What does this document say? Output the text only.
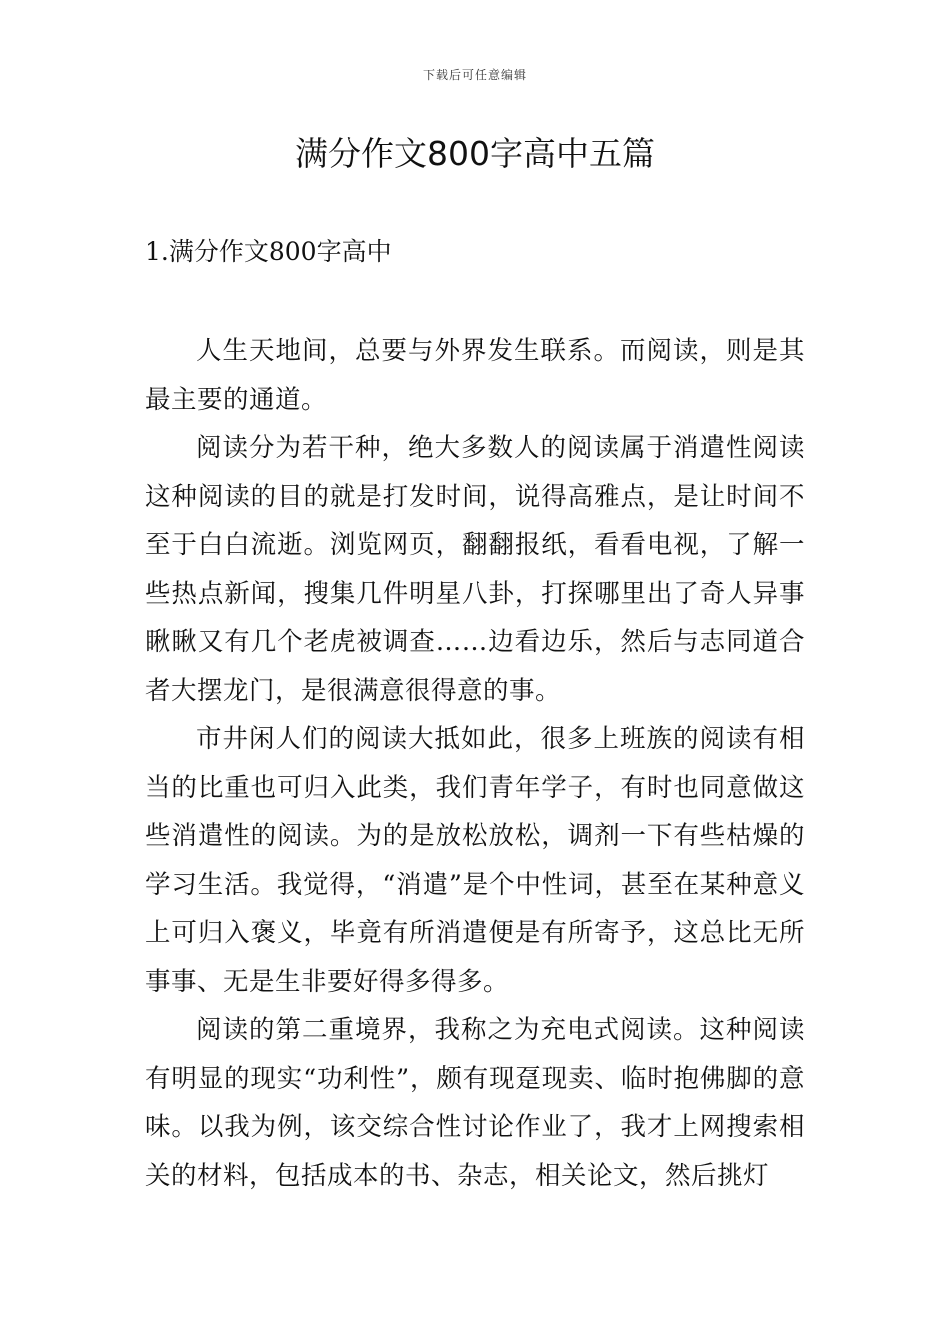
下载后可任意编辑
满分作文800字高中五篇
1.满分作文800字高中

人生天地间，总要与外界发生联系。而阅读，则是其最主要的通道。

阅读分为若干种，绝大多数人的阅读属于消遣性阅读这种阅读的目的就是打发时间，说得高雅点，是让时间不至于白白流逝。浏览网页，翻翻报纸，看看电视，了解一些热点新闻，搜集几件明星八卦，打探哪里出了奇人异事瞅瞅又有几个老虎被调查……边看边乐，然后与志同道合者大摆龙门，是很满意很得意的事。

市井闲人们的阅读大抵如此，很多上班族的阅读有相当的比重也可归入此类，我们青年学子，有时也同意做这些消遣性的阅读。为的是放松放松，调剂一下有些枯燥的学习生活。我觉得，“消遣”是个中性词，甚至在某种意义上可归入褒义，毕竟有所消遣便是有所寄予，这总比无所事事、无是生非要好得多得多。

阅读的第二重境界，我称之为充电式阅读。这种阅读有明显的现实“功利性”，颇有现趸现卖、临时抱佛脚的意味。以我为例，该交综合性讨论作业了，我才上网搜索相关的材料，包括成本的书、杂志，相关论文，然后挑灯
